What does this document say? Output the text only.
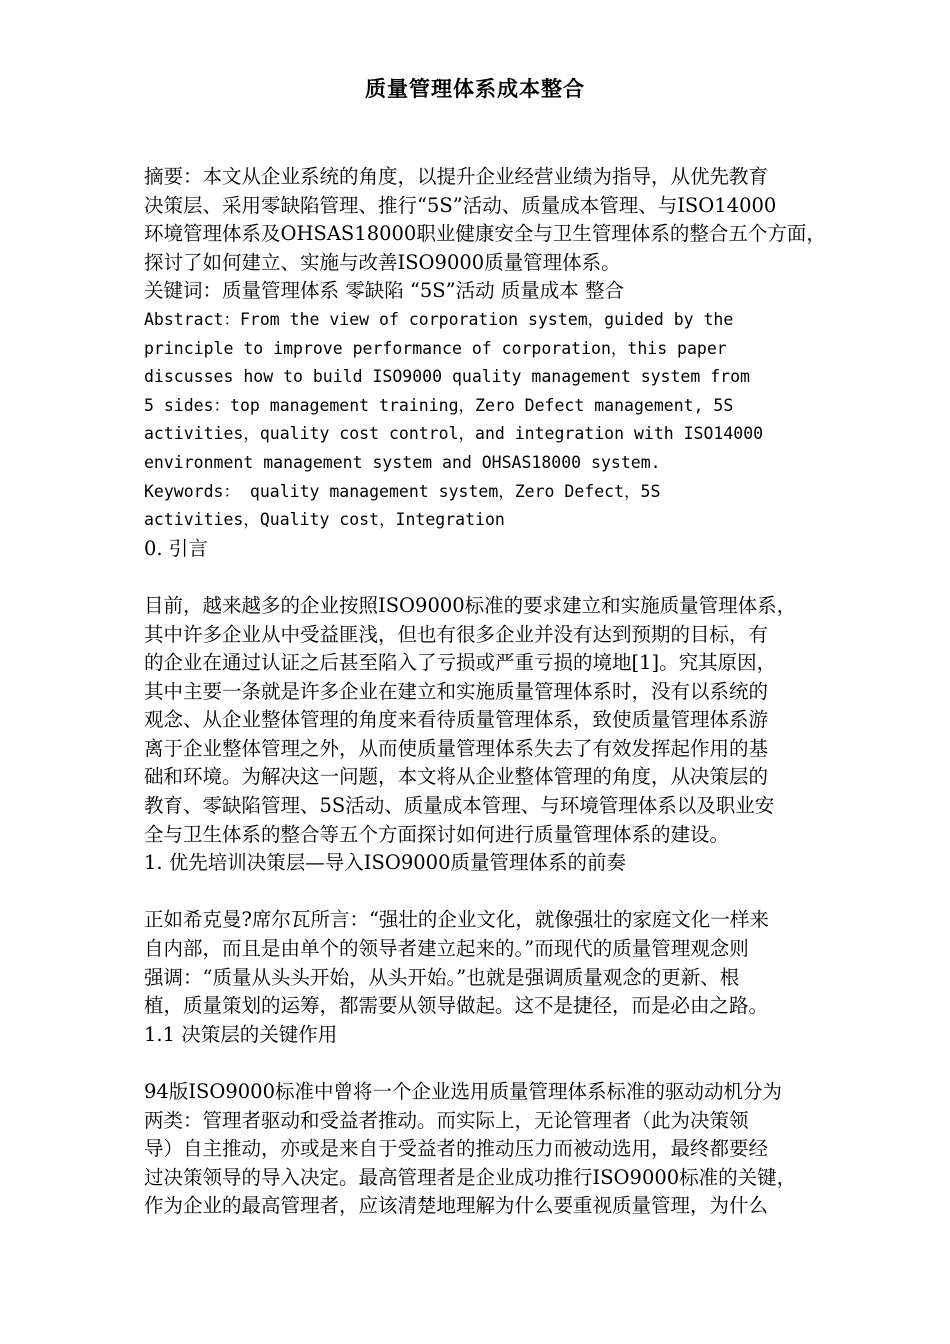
质量管理体系成本整合

摘要：本文从企业系统的角度，以提升企业经营业绩为指导，从优先教育

决策层、采用零缺陷管理、推行“5S”活动、质量成本管理、与ISO14000

环境管理体系及OHSAS18000职业健康安全与卫生管理体系的整合五个方面，

探讨了如何建立、实施与改善ISO9000质量管理体系。

关键词：质量管理体系 零缺陷 “5S”活动 质量成本 整合

Abstract：From the view of corporation system，guided by the

principle to improve performance of corporation，this paper

discusses how to build ISO9000 quality management system from

5 sides：top management training，Zero Defect management, 5S

activities，quality cost control，and integration with ISO14000

environment management system and OHSAS18000 system.

Keywords： quality management system，Zero Defect，5S

activities，Quality cost，Integration

0. 引言

目前，越来越多的企业按照ISO9000标准的要求建立和实施质量管理体系，

其中许多企业从中受益匪浅，但也有很多企业并没有达到预期的目标，有

的企业在通过认证之后甚至陷入了亏损或严重亏损的境地[1]。究其原因，

其中主要一条就是许多企业在建立和实施质量管理体系时，没有以系统的

观念、从企业整体管理的角度来看待质量管理体系，致使质量管理体系游

离于企业整体管理之外，从而使质量管理体系失去了有效发挥起作用的基

础和环境。为解决这一问题，本文将从企业整体管理的角度，从决策层的

教育、零缺陷管理、5S活动、质量成本管理、与环境管理体系以及职业安

全与卫生体系的整合等五个方面探讨如何进行质量管理体系的建设。

1. 优先培训决策层—导入ISO9000质量管理体系的前奏

正如希克曼?席尔瓦所言：“强壮的企业文化，就像强壮的家庭文化一样来

自内部，而且是由单个的领导者建立起来的。”而现代的质量管理观念则

强调：“质量从头头开始，从头开始。”也就是强调质量观念的更新、根

植，质量策划的运筹，都需要从领导做起。这不是捷径，而是必由之路。

1.1 决策层的关键作用

94版ISO9000标准中曾将一个企业选用质量管理体系标准的驱动动机分为

两类：管理者驱动和受益者推动。而实际上，无论管理者（此为决策领

导）自主推动，亦或是来自于受益者的推动压力而被动选用，最终都要经

过决策领导的导入决定。最高管理者是企业成功推行ISO9000标准的关键，

作为企业的最高管理者，应该清楚地理解为什么要重视质量管理，为什么
